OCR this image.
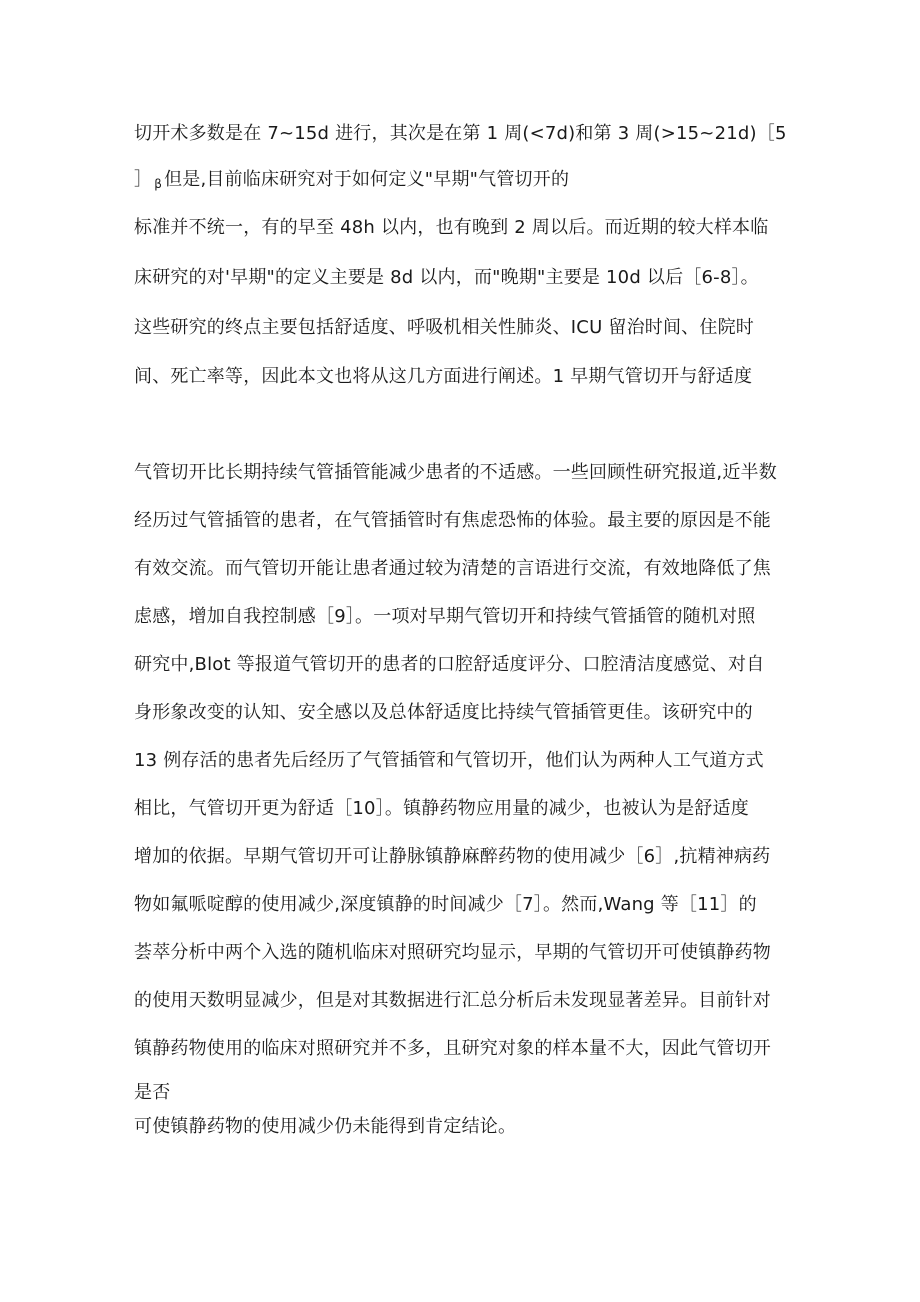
切开术多数是在 7~15d 进行，其次是在第 1 周(<7d)和第 3 周(>15~21d)［5
］ $_\beta$ 但是,目前临床研究对于如何定义"早期"气管切开的
标准并不统一，有的早至 48h 以内，也有晚到 2 周以后。而近期的较大样本临
床研究的对'早期"的定义主要是 8d 以内，而"晚期"主要是 10d 以后［6-8］。
这些研究的终点主要包括舒适度、呼吸机相关性肺炎、ICU 留治时间、住院时
间、死亡率等，因此本文也将从这几方面进行阐述。1 早期气管切开与舒适度
气管切开比长期持续气管插管能减少患者的不适感。一些回顾性研究报道,近半数
经历过气管插管的患者，在气管插管时有焦虑恐怖的体验。最主要的原因是不能
有效交流。而气管切开能让患者通过较为清楚的言语进行交流，有效地降低了焦
虑感，增加自我控制感［9］。一项对早期气管切开和持续气管插管的随机对照
研究中,Blot 等报道气管切开的患者的口腔舒适度评分、口腔清洁度感觉、对自
身形象改变的认知、安全感以及总体舒适度比持续气管插管更佳。该研究中的
13 例存活的患者先后经历了气管插管和气管切开，他们认为两种人工气道方式
相比，气管切开更为舒适［10］。镇静药物应用量的减少，也被认为是舒适度
增加的依据。早期气管切开可让静脉镇静麻醉药物的使用减少［6］,抗精神病药
物如氟哌啶醇的使用减少,深度镇静的时间减少［7］。然而,Wang 等［11］的
荟萃分析中两个入选的随机临床对照研究均显示，早期的气管切开可使镇静药物
的使用天数明显减少，但是对其数据进行汇总分析后未发现显著差异。目前针对
镇静药物使用的临床对照研究并不多，且研究对象的样本量不大，因此气管切开
是否
可使镇静药物的使用减少仍未能得到肯定结论。
